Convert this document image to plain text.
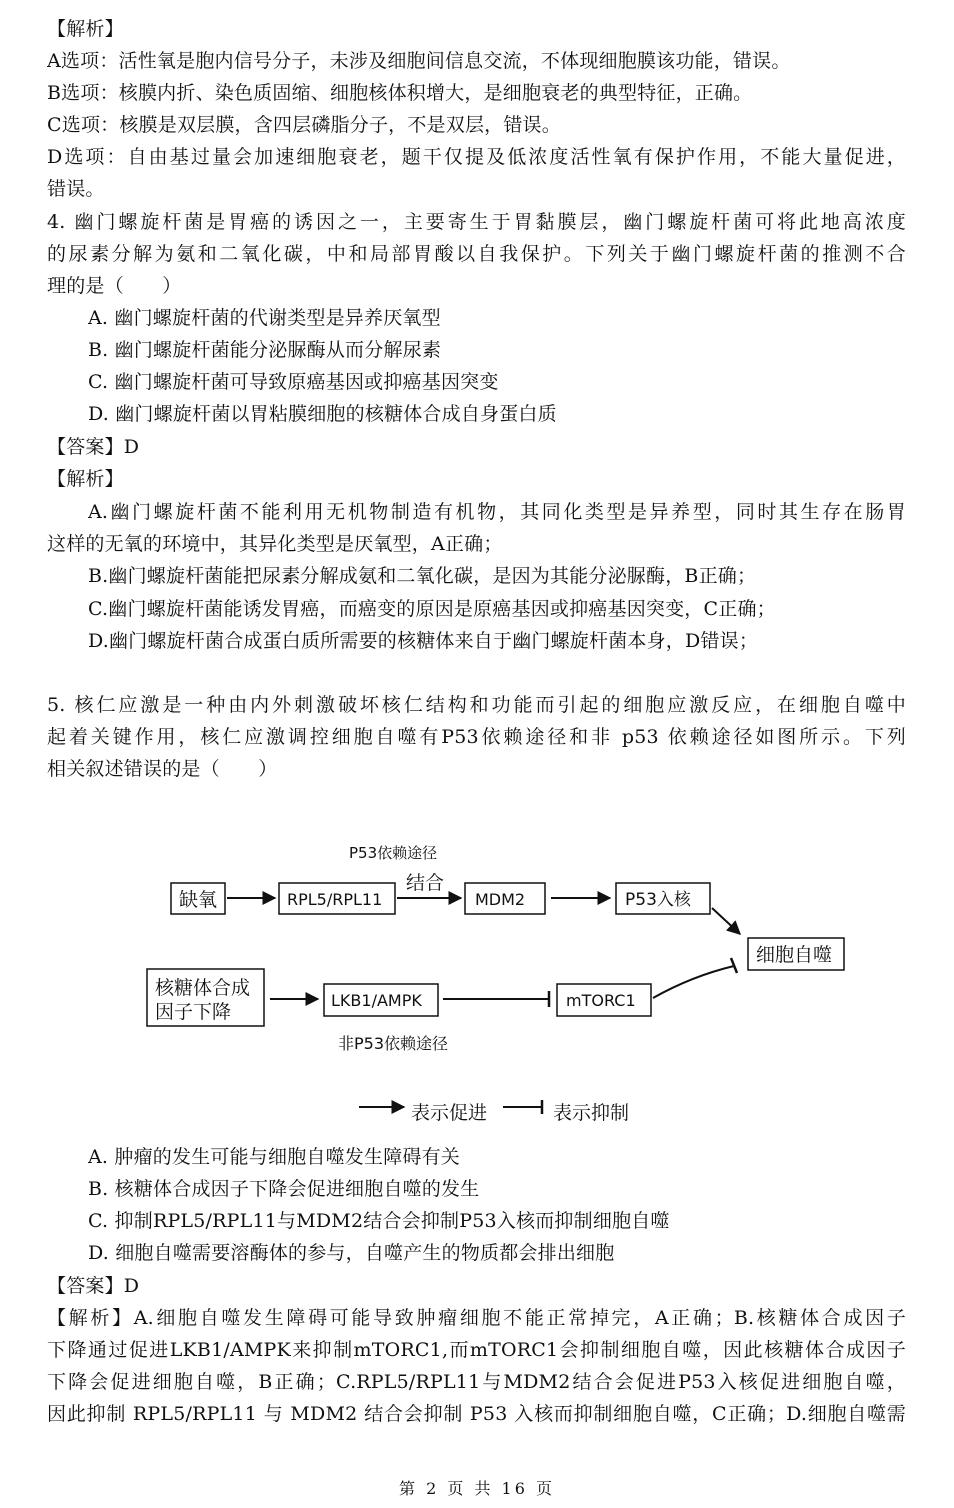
【解析】
A选项：活性氧是胞内信号分子，未涉及细胞间信息交流，不体现细胞膜该功能，错误。
B选项：核膜内折、染色质固缩、细胞核体积增大，是细胞衰老的典型特征，正确。
C选项：核膜是双层膜，含四层磷脂分子，不是双层，错误。
D选项：自由基过量会加速细胞衰老，题干仅提及低浓度活性氧有保护作用，不能大量促进，
错误。
4. 幽门螺旋杆菌是胃癌的诱因之一，主要寄生于胃黏膜层，幽门螺旋杆菌可将此地高浓度
的尿素分解为氨和二氧化碳，中和局部胃酸以自我保护。下列关于幽门螺旋杆菌的推测不合
理的是（　　）
A. 幽门螺旋杆菌的代谢类型是异养厌氧型
B. 幽门螺旋杆菌能分泌脲酶从而分解尿素
C. 幽门螺旋杆菌可导致原癌基因或抑癌基因突变
D. 幽门螺旋杆菌以胃粘膜细胞的核糖体合成自身蛋白质
【答案】D
【解析】
A.幽门螺旋杆菌不能利用无机物制造有机物，其同化类型是异养型，同时其生存在肠胃
这样的无氧的环境中，其异化类型是厌氧型，A正确；
B.幽门螺旋杆菌能把尿素分解成氨和二氧化碳，是因为其能分泌脲酶，B正确；
C.幽门螺旋杆菌能诱发胃癌，而癌变的原因是原癌基因或抑癌基因突变，C正确；
D.幽门螺旋杆菌合成蛋白质所需要的核糖体来自于幽门螺旋杆菌本身，D错误；
5. 核仁应激是一种由内外刺激破坏核仁结构和功能而引起的细胞应激反应，在细胞自噬中
起着关键作用，核仁应激调控细胞自噬有P53依赖途径和非 p53 依赖途径如图所示。下列
相关叙述错误的是（　　）
P53依赖途径
结合
缺氧	RPL5/RPL11	MDM2	P53入核
细胞自噬
核糖体合成
因子下降
LKB1/AMPK	mTORC1
非P53依赖途径
表示促进	表示抑制
A. 肿瘤的发生可能与细胞自噬发生障碍有关
B. 核糖体合成因子下降会促进细胞自噬的发生
C. 抑制RPL5/RPL11与MDM2结合会抑制P53入核而抑制细胞自噬
D. 细胞自噬需要溶酶体的参与，自噬产生的物质都会排出细胞
【答案】D
【解析】A.细胞自噬发生障碍可能导致肿瘤细胞不能正常掉完，A正确；B.核糖体合成因子
下降通过促进LKB1/AMPK来抑制mTORC1,而mTORC1会抑制细胞自噬，因此核糖体合成因子
下降会促进细胞自噬，B正确；C.RPL5/RPL11与MDM2结合会促进P53入核促进细胞自噬，
因此抑制 RPL5/RPL11 与 MDM2 结合会抑制 P53 入核而抑制细胞自噬，C正确；D.细胞自噬需
第 2 页 共 16 页
